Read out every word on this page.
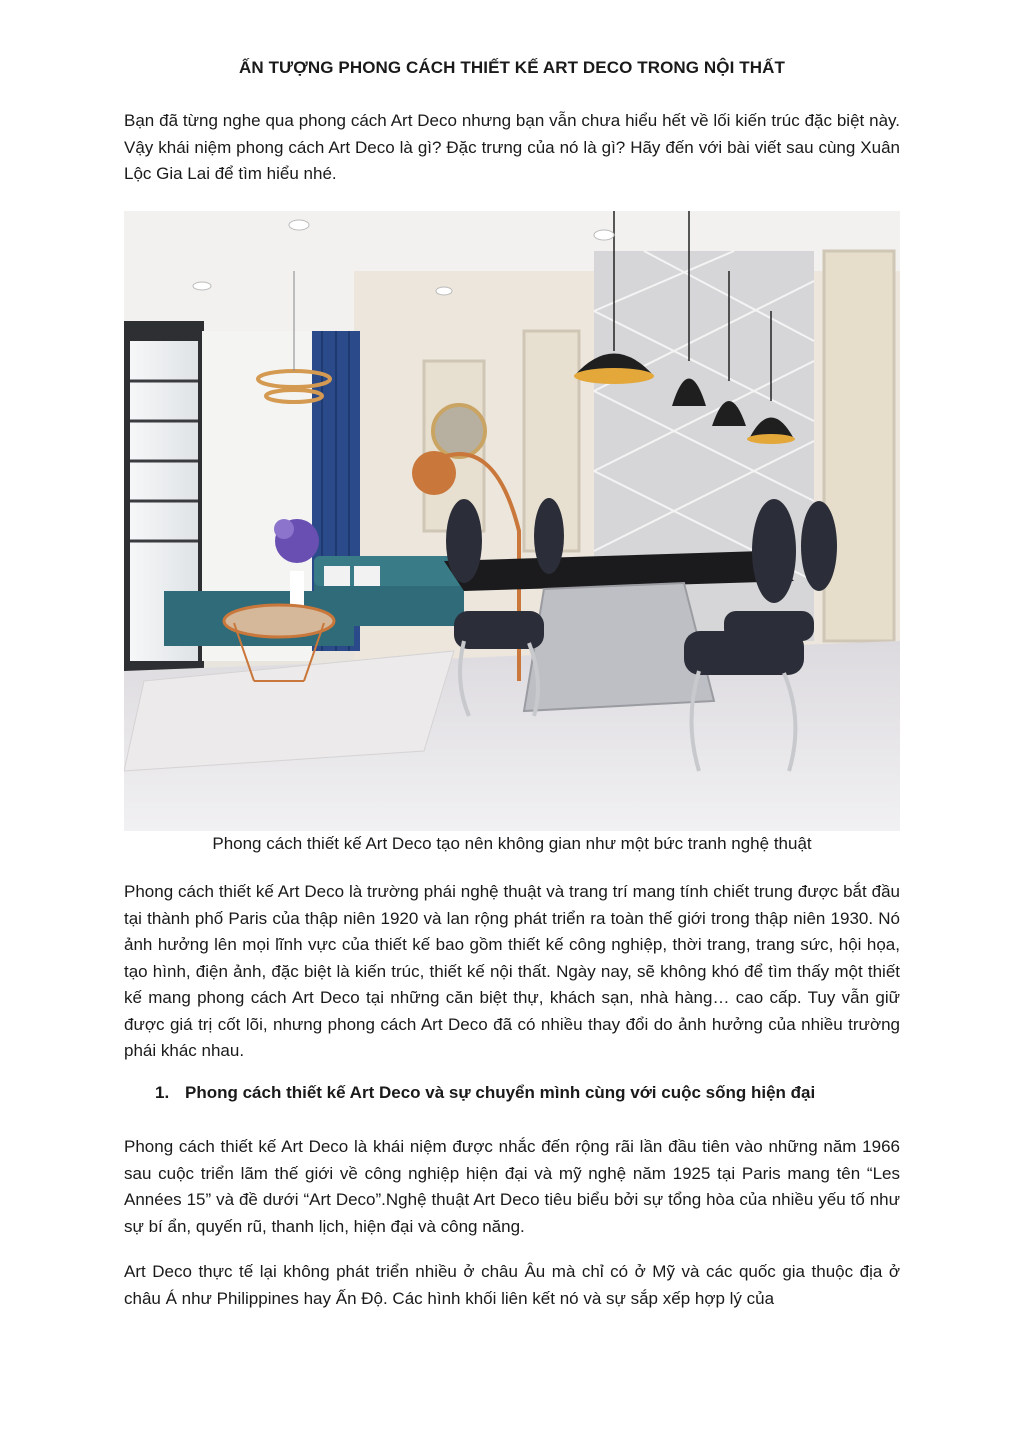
ẤN TƯỢNG PHONG CÁCH THIẾT KẾ ART DECO TRONG NỘI THẤT

Bạn đã từng nghe qua phong cách Art Deco nhưng bạn vẫn chưa hiểu hết về lối kiến trúc đặc biệt này. Vậy khái niệm phong cách Art Deco là gì? Đặc trưng của nó là gì? Hãy đến với bài viết sau cùng Xuân Lộc Gia Lai để tìm hiểu nhé.

Phong cách thiết kế Art Deco tạo nên không gian như một bức tranh nghệ thuật

Phong cách thiết kế Art Deco là trường phái nghệ thuật và trang trí mang tính chiết trung được bắt đầu tại thành phố Paris của thập niên 1920 và lan rộng phát triển ra toàn thế giới trong thập niên 1930. Nó ảnh hưởng lên mọi lĩnh vực của thiết kế bao gồm thiết kế công nghiệp, thời trang, trang sức, hội họa, tạo hình, điện ảnh, đặc biệt là kiến trúc, thiết kế nội thất. Ngày nay, sẽ không khó để tìm thấy một thiết kế mang phong cách Art Deco tại những căn biệt thự, khách sạn, nhà hàng… cao cấp. Tuy vẫn giữ được giá trị cốt lõi, nhưng phong cách Art Deco đã có nhiều thay đổi do ảnh hưởng của nhiều trường phái khác nhau.

1. Phong cách thiết kế Art Deco và sự chuyển mình cùng với cuộc sống hiện đại

Phong cách thiết kế Art Deco là khái niệm được nhắc đến rộng rãi lần đầu tiên vào những năm 1966 sau cuộc triển lãm thế giới về công nghiệp hiện đại và mỹ nghệ năm 1925 tại Paris mang tên “Les Années 15” và đề dưới “Art Deco”.Nghệ thuật Art Deco tiêu biểu bởi sự tổng hòa của nhiều yếu tố như sự bí ẩn, quyến rũ, thanh lịch, hiện đại và công năng.

Art Deco thực tế lại không phát triển nhiều ở châu Âu mà chỉ có ở Mỹ và các quốc gia thuộc địa ở châu Á như Philippines hay Ấn Độ. Các hình khối liên kết nó và sự sắp xếp hợp lý của
